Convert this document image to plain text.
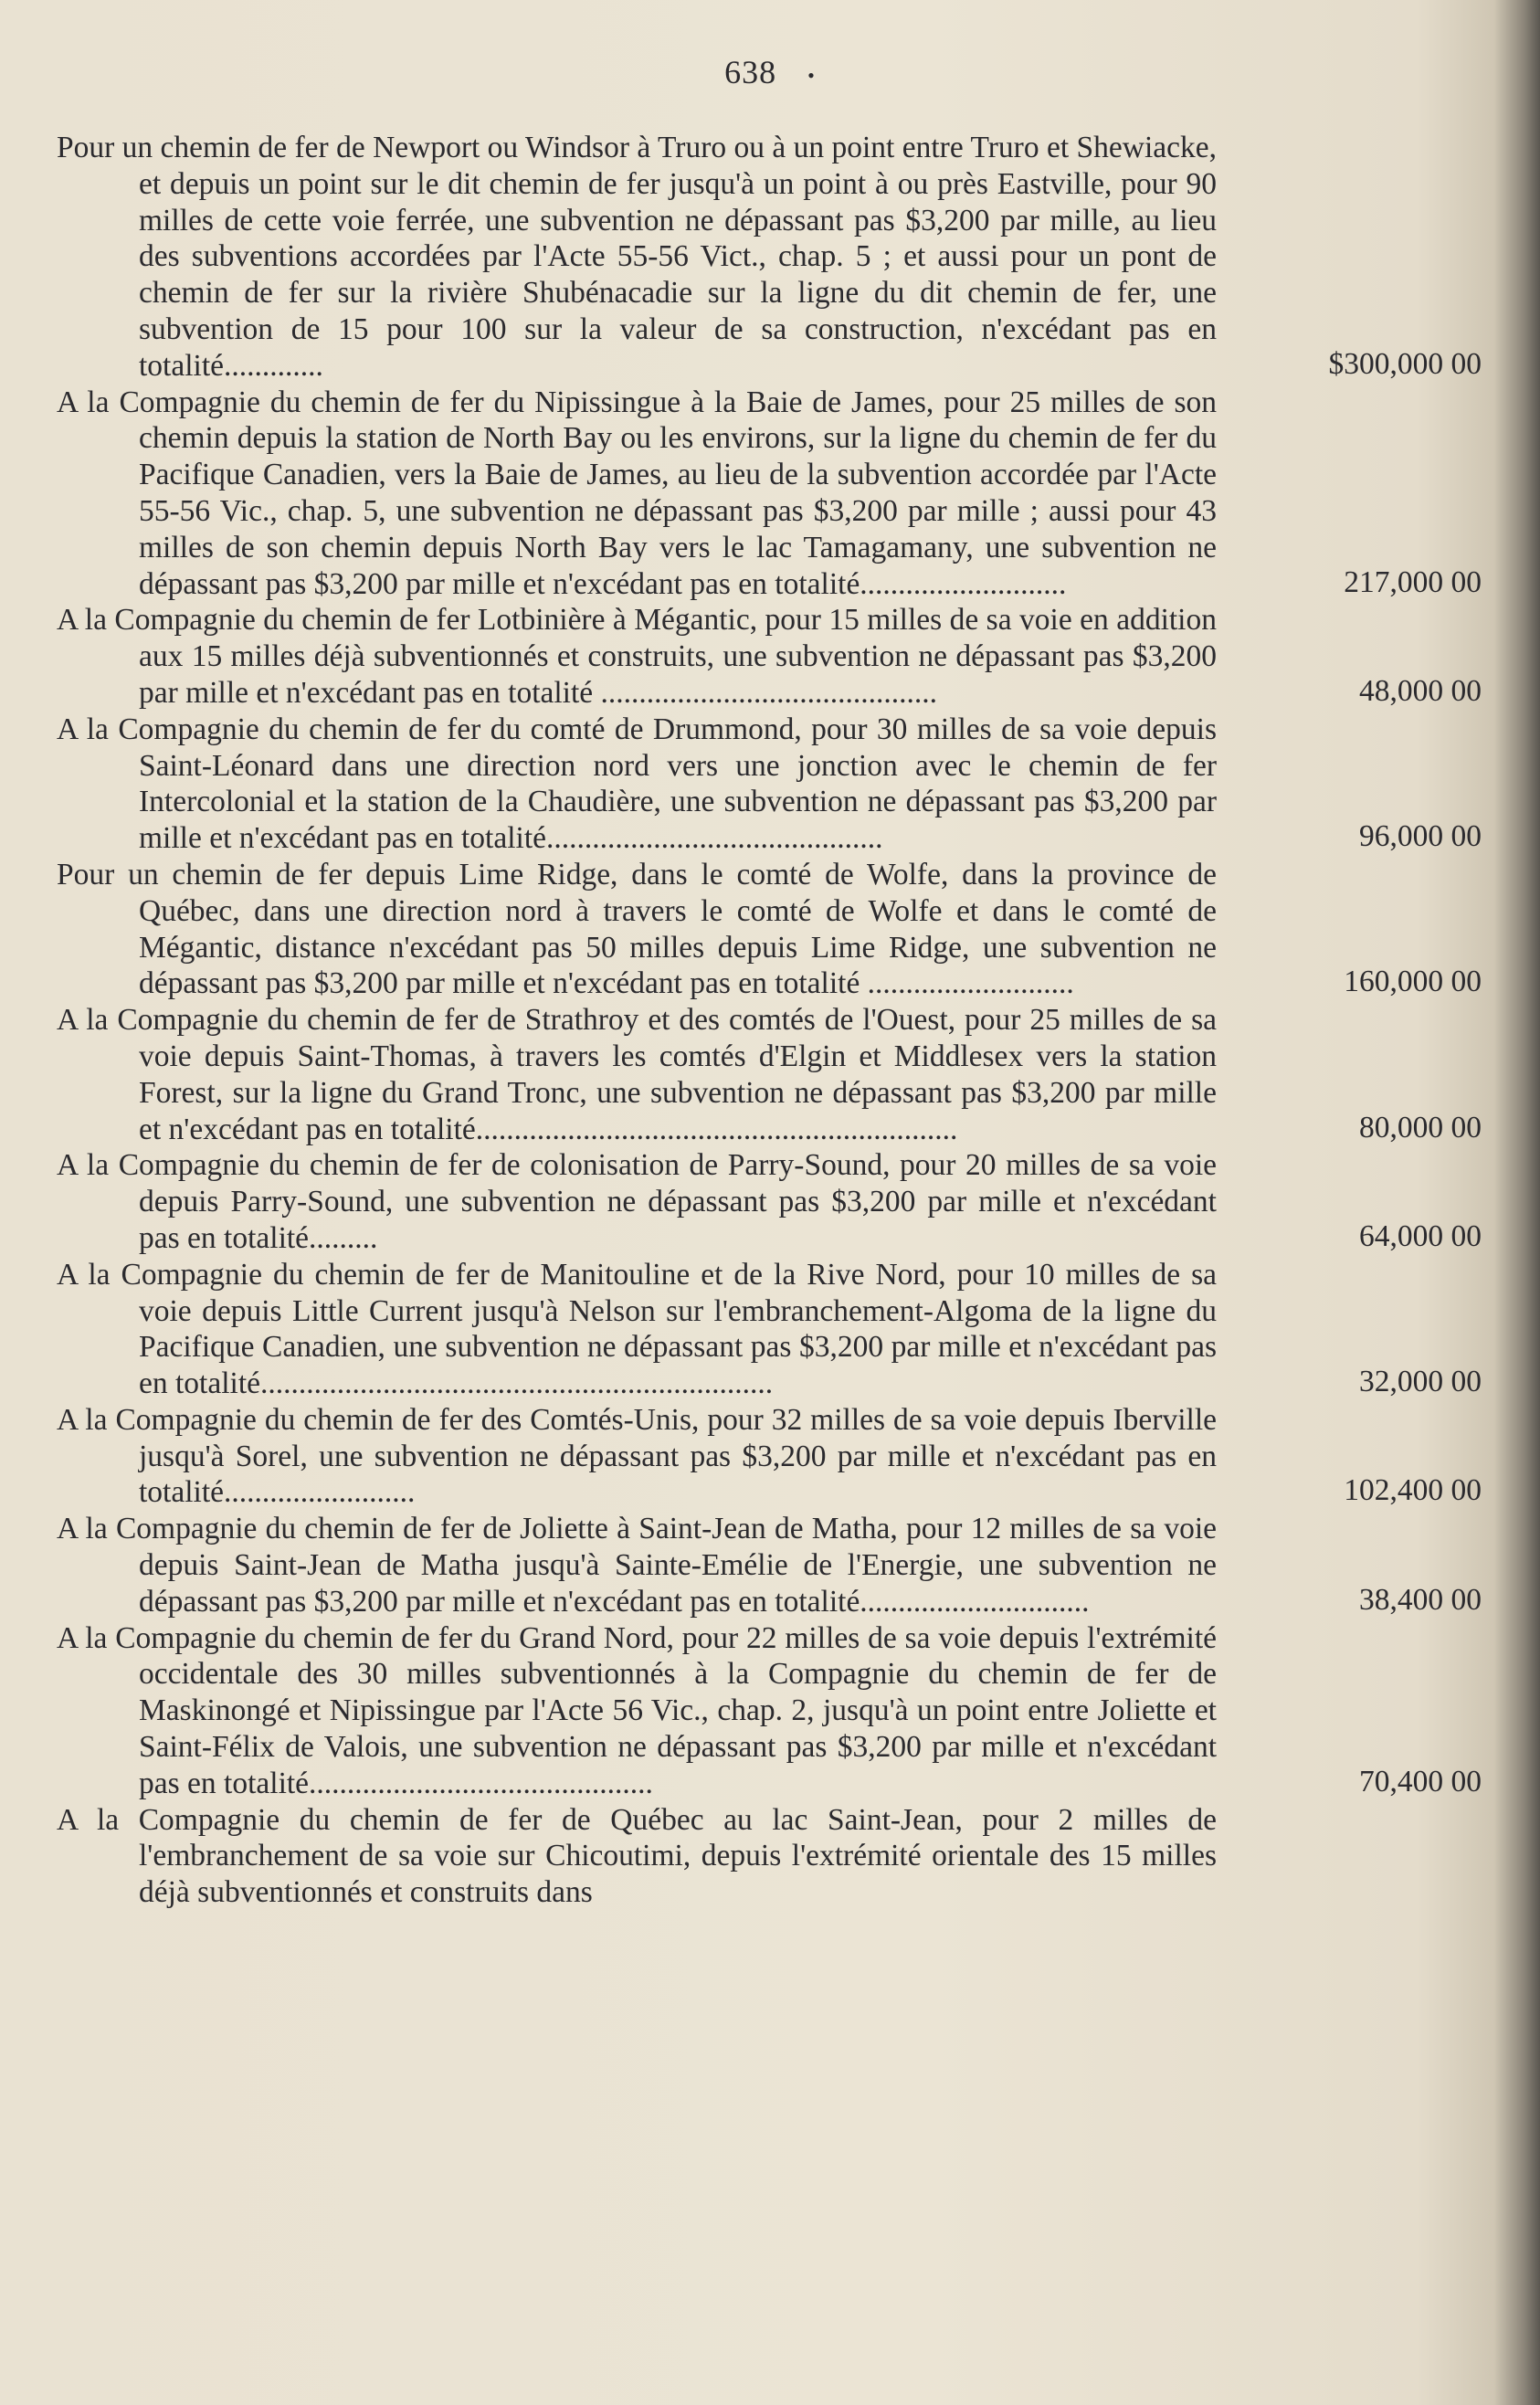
638 •
Pour un chemin de fer de Newport ou Windsor à Truro ou à un point entre Truro et Shewiacke, et depuis un point sur le dit chemin de fer jusqu'à un point à ou près Eastville, pour 90 milles de cette voie ferrée, une subvention ne dépassant pas $3,200 par mille, au lieu des subventions accordées par l'Acte 55-56 Vict., chap. 5 ; et aussi pour un pont de chemin de fer sur la rivière Shubénacadie sur la ligne du dit chemin de fer, une subvention de 15 pour 100 sur la valeur de sa construction, n'excédant pas en totalité.............	$300,000 00
A la Compagnie du chemin de fer du Nipissingue à la Baie de James, pour 25 milles de son chemin depuis la station de North Bay ou les environs, sur la ligne du chemin de fer du Pacifique Canadien, vers la Baie de James, au lieu de la subvention accordée par l'Acte 55-56 Vic., chap. 5, une subvention ne dépassant pas $3,200 par mille ; aussi pour 43 milles de son chemin depuis North Bay vers le lac Tamagamany, une subvention ne dépassant pas $3,200 par mille et n'excédant pas en totalité...........................	217,000 00
A la Compagnie du chemin de fer Lotbinière à Mégantic, pour 15 milles de sa voie en addition aux 15 milles déjà subventionnés et construits, une subvention ne dépassant pas $3,200 par mille et n'excédant pas en totalité ............................................	48,000 00
A la Compagnie du chemin de fer du comté de Drummond, pour 30 milles de sa voie depuis Saint-Léonard dans une direction nord vers une jonction avec le chemin de fer Intercolonial et la station de la Chaudière, une subvention ne dépassant pas $3,200 par mille et n'excédant pas en totalité............................................	96,000 00
Pour un chemin de fer depuis Lime Ridge, dans le comté de Wolfe, dans la province de Québec, dans une direction nord à travers le comté de Wolfe et dans le comté de Mégantic, distance n'excédant pas 50 milles depuis Lime Ridge, une subvention ne dépassant pas $3,200 par mille et n'excédant pas en totalité ...........................	160,000 00
A la Compagnie du chemin de fer de Strathroy et des comtés de l'Ouest, pour 25 milles de sa voie depuis Saint-Thomas, à travers les comtés d'Elgin et Middlesex vers la station Forest, sur la ligne du Grand Tronc, une subvention ne dépassant pas $3,200 par mille et n'excédant pas en totalité...............................................................	80,000 00
A la Compagnie du chemin de fer de colonisation de Parry-Sound, pour 20 milles de sa voie depuis Parry-Sound, une subvention ne dépassant pas $3,200 par mille et n'excédant pas en totalité.........	64,000 00
A la Compagnie du chemin de fer de Manitouline et de la Rive Nord, pour 10 milles de sa voie depuis Little Current jusqu'à Nelson sur l'embranchement-Algoma de la ligne du Pacifique Canadien, une subvention ne dépassant pas $3,200 par mille et n'excédant pas en totalité...................................................................	32,000 00
A la Compagnie du chemin de fer des Comtés-Unis, pour 32 milles de sa voie depuis Iberville jusqu'à Sorel, une subvention ne dépassant pas $3,200 par mille et n'excédant pas en totalité.........................	102,400 00
A la Compagnie du chemin de fer de Joliette à Saint-Jean de Matha, pour 12 milles de sa voie depuis Saint-Jean de Matha jusqu'à Sainte-Emélie de l'Energie, une subvention ne dépassant pas $3,200 par mille et n'excédant pas en totalité..............................	38,400 00
A la Compagnie du chemin de fer du Grand Nord, pour 22 milles de sa voie depuis l'extrémité occidentale des 30 milles subventionnés à la Compagnie du chemin de fer de Maskinongé et Nipissingue par l'Acte 56 Vic., chap. 2, jusqu'à un point entre Joliette et Saint-Félix de Valois, une subvention ne dépassant pas $3,200 par mille et n'excédant pas en totalité.............................................	70,400 00
A la Compagnie du chemin de fer de Québec au lac Saint-Jean, pour 2 milles de l'embranchement de sa voie sur Chicoutimi, depuis l'extrémité orientale des 15 milles déjà subventionnés et construits dans
